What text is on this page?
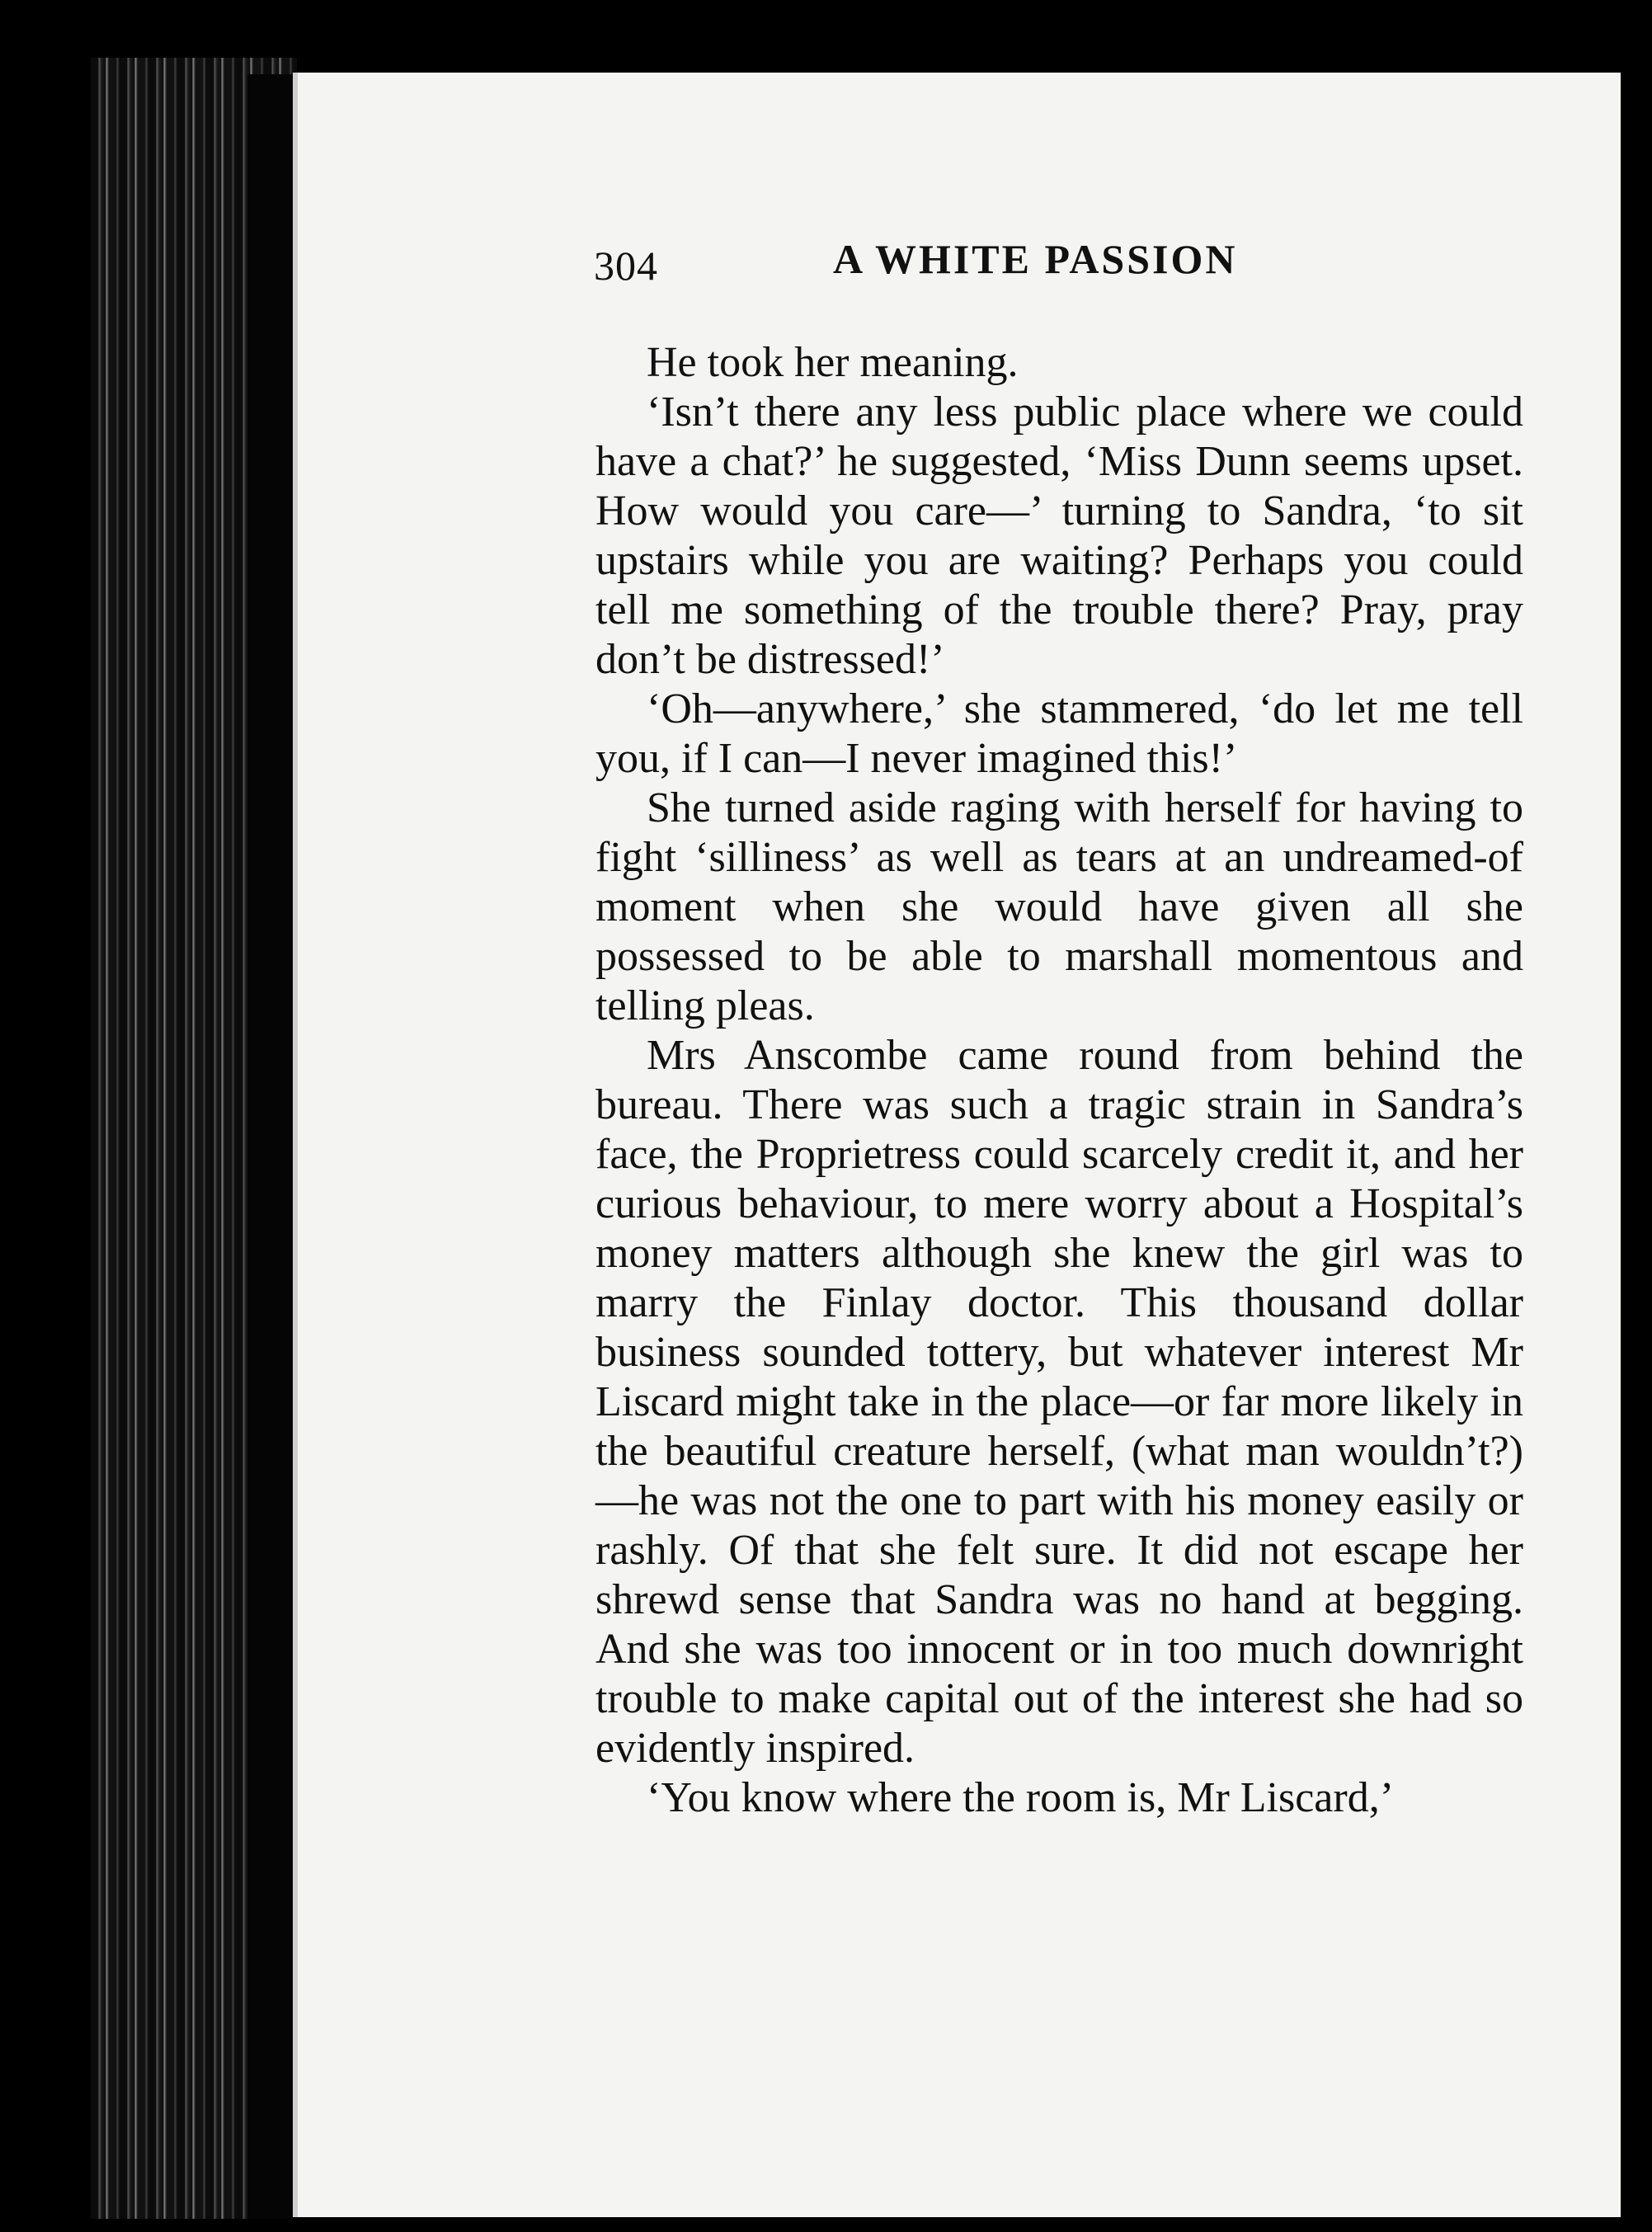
304	A WHITE PASSION

He took her meaning.

‘Isn’t there any less public place where we could have a chat?’ he suggested, ‘Miss Dunn seems upset. How would you care—’ turning to Sandra, ‘to sit upstairs while you are waiting? Perhaps you could tell me something of the trouble there? Pray, pray don’t be distressed!’

‘Oh—anywhere,’ she stammered, ‘do let me tell you, if I can—I never imagined this!’

She turned aside raging with herself for having to fight ‘silliness’ as well as tears at an undreamed-of moment when she would have given all she possessed to be able to marshall momentous and telling pleas.

Mrs Anscombe came round from behind the bureau. There was such a tragic strain in Sandra’s face, the Proprietress could scarcely credit it, and her curious behaviour, to mere worry about a Hospital’s money matters although she knew the girl was to marry the Finlay doctor. This thousand dollar business sounded tottery, but whatever interest Mr Liscard might take in the place—or far more likely in the beautiful creature herself, (what man wouldn’t?)—he was not the one to part with his money easily or rashly. Of that she felt sure. It did not escape her shrewd sense that Sandra was no hand at begging. And she was too innocent or in too much downright trouble to make capital out of the interest she had so evidently inspired.

‘You know where the room is, Mr Liscard,’
